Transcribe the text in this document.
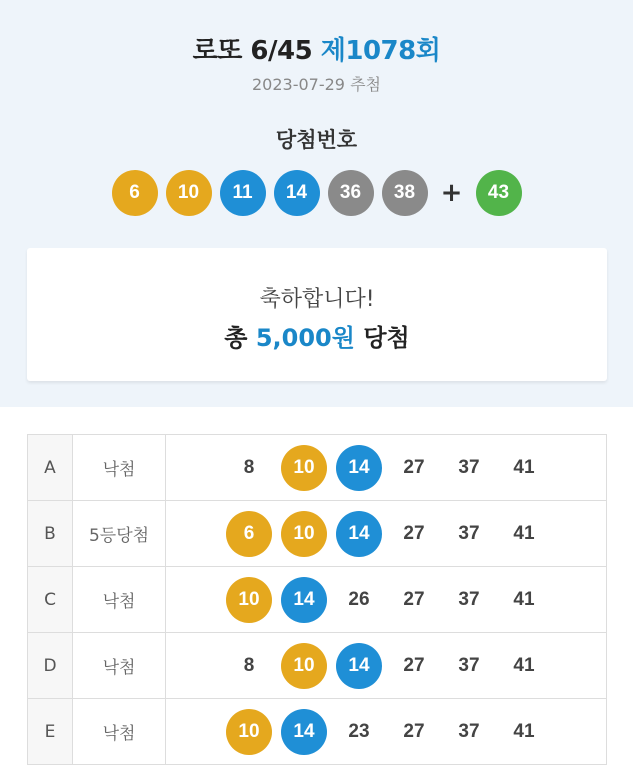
로또 6/45 제1078회
2023-07-29 추첨
당첨번호
6	10	11	14	36	38 +	43
축하합니다!
총 5,000원 당첨
A	낙첨	8	10	14	27	37	41
B	5등당첨	6	10	14	27	37	41
C	낙첨	10	14	26	27	37	41
D	낙첨	8	10	14	27	37	41
E	낙첨	10	14	23	27	37	41
